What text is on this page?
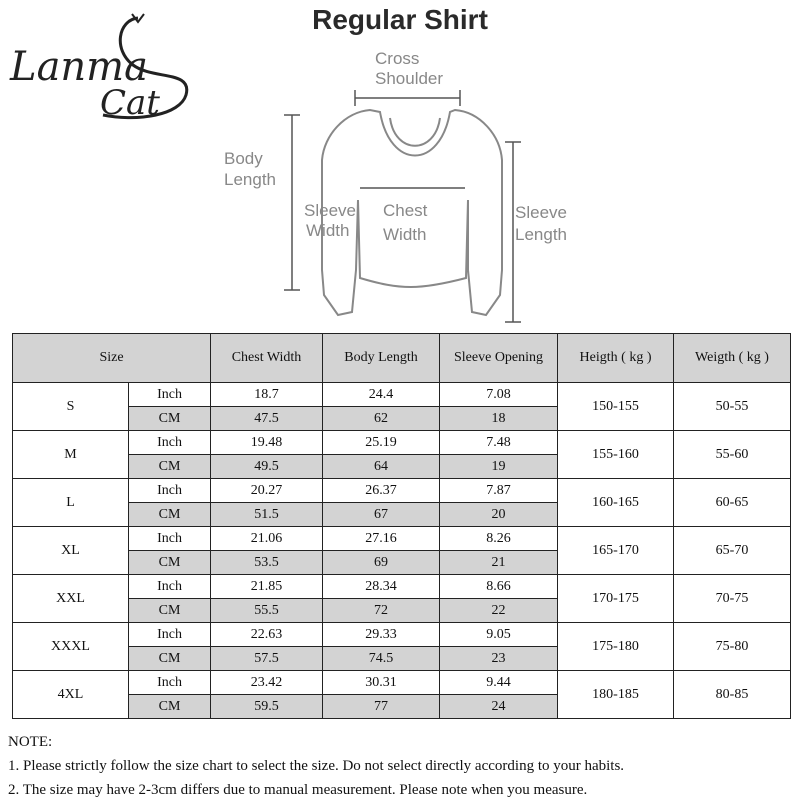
Lanma
Cat
Regular Shirt
Cross
Shoulder
Body
Length
Sleeve
Width
Chest
Width
Sleeve
Length
Size		Chest Width	Body Length	Sleeve Opening	Heigth ( kg )	Weigth ( kg )
S	Inch	18.7	24.4	7.08	150-155	50-55
	CM	47.5	62	18		
M	Inch	19.48	25.19	7.48	155-160	55-60
	CM	49.5	64	19		
L	Inch	20.27	26.37	7.87	160-165	60-65
	CM	51.5	67	20		
XL	Inch	21.06	27.16	8.26	165-170	65-70
	CM	53.5	69	21		
XXL	Inch	21.85	28.34	8.66	170-175	70-75
	CM	55.5	72	22		
XXXL	Inch	22.63	29.33	9.05	175-180	75-80
	CM	57.5	74.5	23		
4XL	Inch	23.42	30.31	9.44	180-185	80-85
	CM	59.5	77	24		
NOTE:
1. Please strictly follow the size chart to select the size. Do not select directly according to your habits.
2. The size may have 2-3cm differs due to manual measurement. Please note when you measure.
